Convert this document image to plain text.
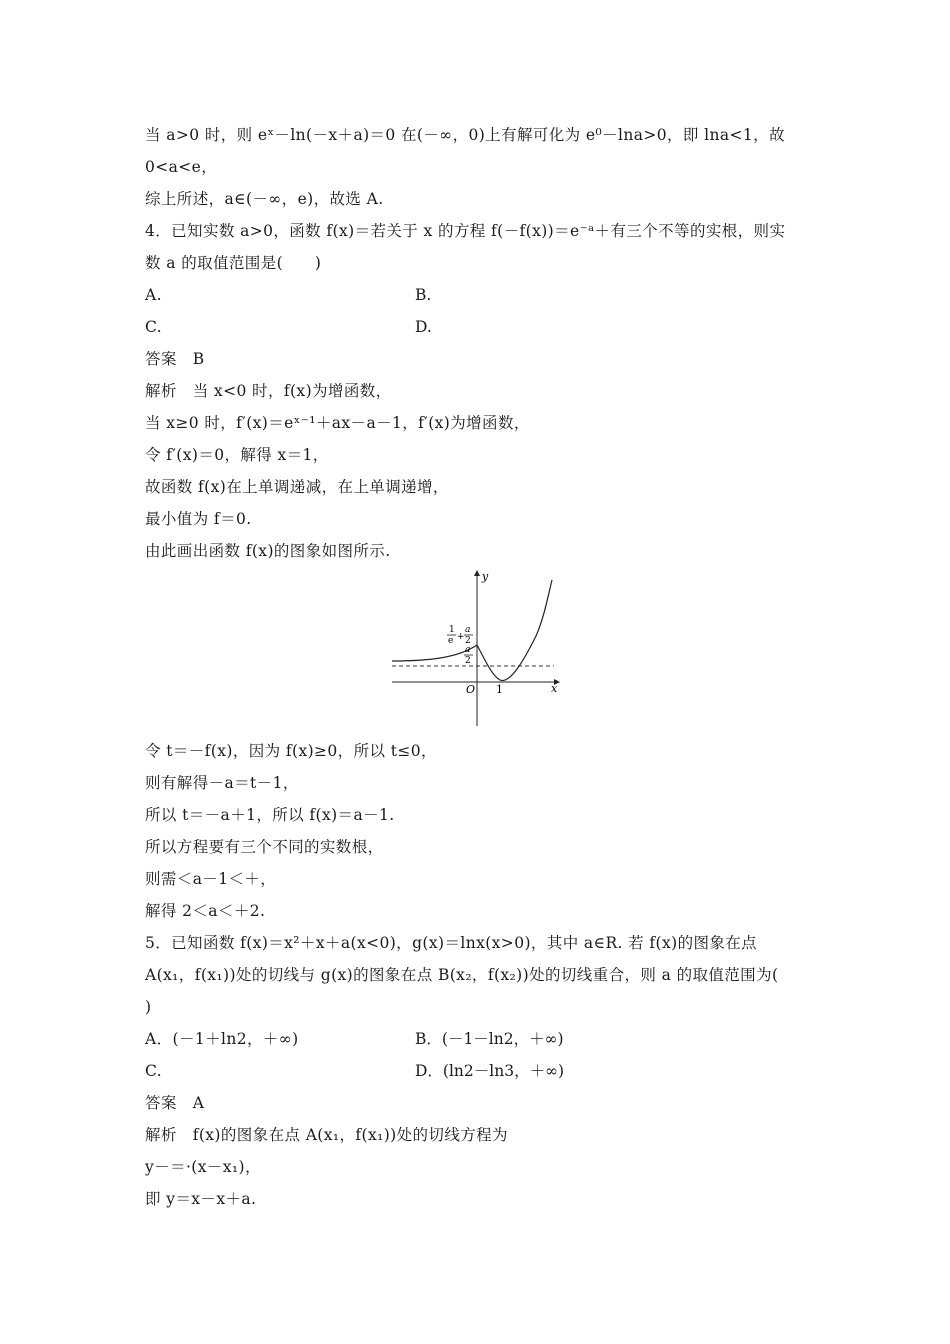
当 a>0 时，则 eˣ－ln(－x＋a)＝0 在(－∞，0)上有解可化为 e⁰－lna>0，即 lna<1，故
0<a<e，
综上所述，a∈(－∞，e)，故选 A.
4．已知实数 a>0，函数 f(x)＝若关于 x 的方程 f(－f(x))＝e⁻ᵃ＋有三个不等的实根，则实
数 a 的取值范围是(　　)
A.	B.
C.	D.
答案　B
解析　当 x<0 时，f(x)为增函数，
当 x≥0 时，f′(x)＝eˣ⁻¹＋ax－a－1，f′(x)为增函数，
令 f′(x)＝0，解得 x＝1，
故函数 f(x)在上单调递减，在上单调递增，
最小值为 f＝0.
由此画出函数 f(x)的图象如图所示.
y
x
O 1
1
e +
a
2
a
2
令 t＝－f(x)，因为 f(x)≥0，所以 t≤0，
则有解得－a＝t－1，
所以 t＝－a＋1，所以 f(x)＝a－1.
所以方程要有三个不同的实数根，
则需＜a－1＜＋，
解得 2＜a＜＋2.
5．已知函数 f(x)＝x²＋x＋a(x<0)，g(x)＝lnx(x>0)，其中 a∈R. 若 f(x)的图象在点
A(x₁，f(x₁))处的切线与 g(x)的图象在点 B(x₂，f(x₂))处的切线重合，则 a 的取值范围为(
)
A．(－1＋ln2，＋∞)	B．(－1－ln2，＋∞)
C.	D．(ln2－ln3，＋∞)
答案　A
解析　f(x)的图象在点 A(x₁，f(x₁))处的切线方程为
y－＝·(x－x₁)，
即 y＝x－x＋a.
